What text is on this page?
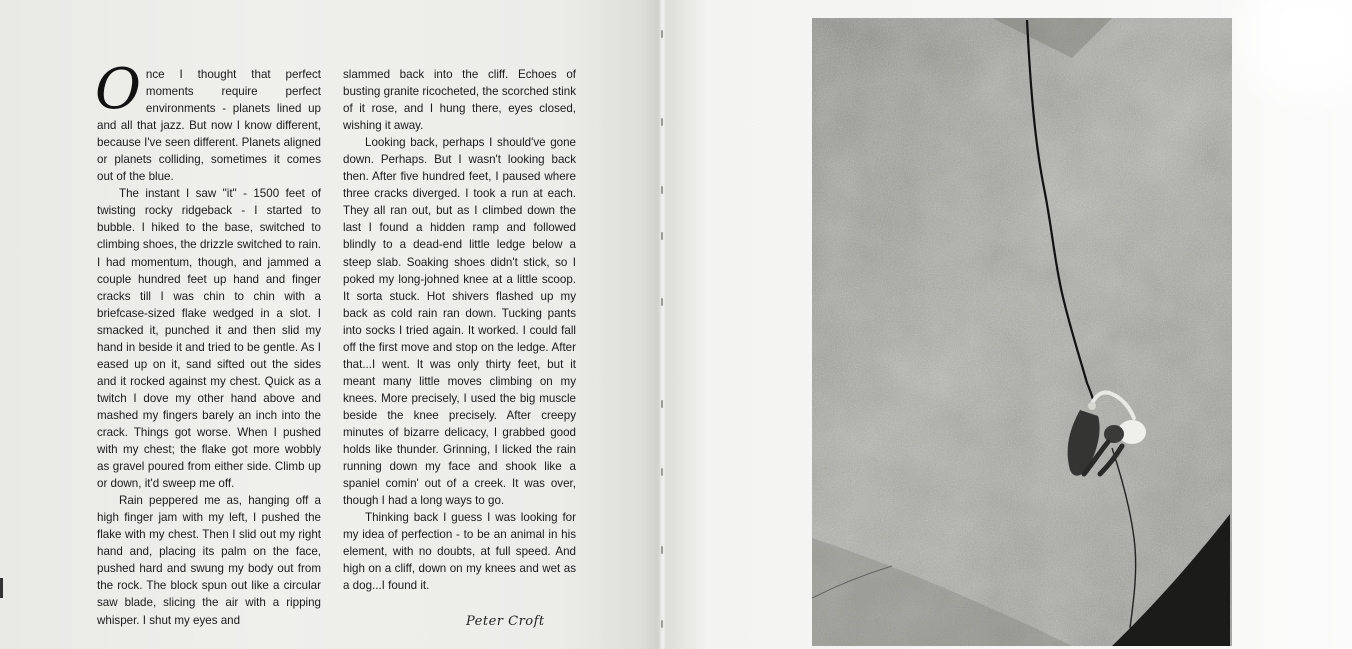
Once I thought that perfect moments require perfect environments - planets lined up and all that jazz. But now I know different, because I've seen different. Planets aligned or planets colliding, sometimes it comes out of the blue.

The instant I saw "it" - 1500 feet of twisting rocky ridgeback - I started to bubble. I hiked to the base, switched to climbing shoes, the drizzle switched to rain. I had momentum, though, and jammed a couple hundred feet up hand and finger cracks till I was chin to chin with a briefcase-sized flake wedged in a slot. I smacked it, punched it and then slid my hand in beside it and tried to be gentle. As I eased up on it, sand sifted out the sides and it rocked against my chest. Quick as a twitch I dove my other hand above and mashed my fingers barely an inch into the crack. Things got worse. When I pushed with my chest; the flake got more wobbly as gravel poured from either side. Climb up or down, it'd sweep me off.

Rain peppered me as, hanging off a high finger jam with my left, I pushed the flake with my chest. Then I slid out my right hand and, placing its palm on the face, pushed hard and swung my body out from the rock. The block spun out like a circular saw blade, slicing the air with a ripping whisper. I shut my eyes and

slammed back into the cliff. Echoes of busting granite ricocheted, the scorched stink of it rose, and I hung there, eyes closed, wishing it away.

Looking back, perhaps I should've gone down. Perhaps. But I wasn't looking back then. After five hundred feet, I paused where three cracks diverged. I took a run at each. They all ran out, but as I climbed down the last I found a hidden ramp and followed blindly to a dead-end little ledge below a steep slab. Soaking shoes didn't stick, so I poked my long-johned knee at a little scoop. It sorta stuck. Hot shivers flashed up my back as cold rain ran down. Tucking pants into socks I tried again. It worked. I could fall off the first move and stop on the ledge. After that...I went. It was only thirty feet, but it meant many little moves climbing on my knees. More precisely, I used the big muscle beside the knee precisely. After creepy minutes of bizarre delicacy, I grabbed good holds like thunder. Grinning, I licked the rain running down my face and shook like a spaniel comin' out of a creek. It was over, though I had a long ways to go.

Thinking back I guess I was looking for my idea of perfection - to be an animal in his element, with no doubts, at full speed. And high on a cliff, down on my knees and wet as a dog...I found it.

Peter Croft
